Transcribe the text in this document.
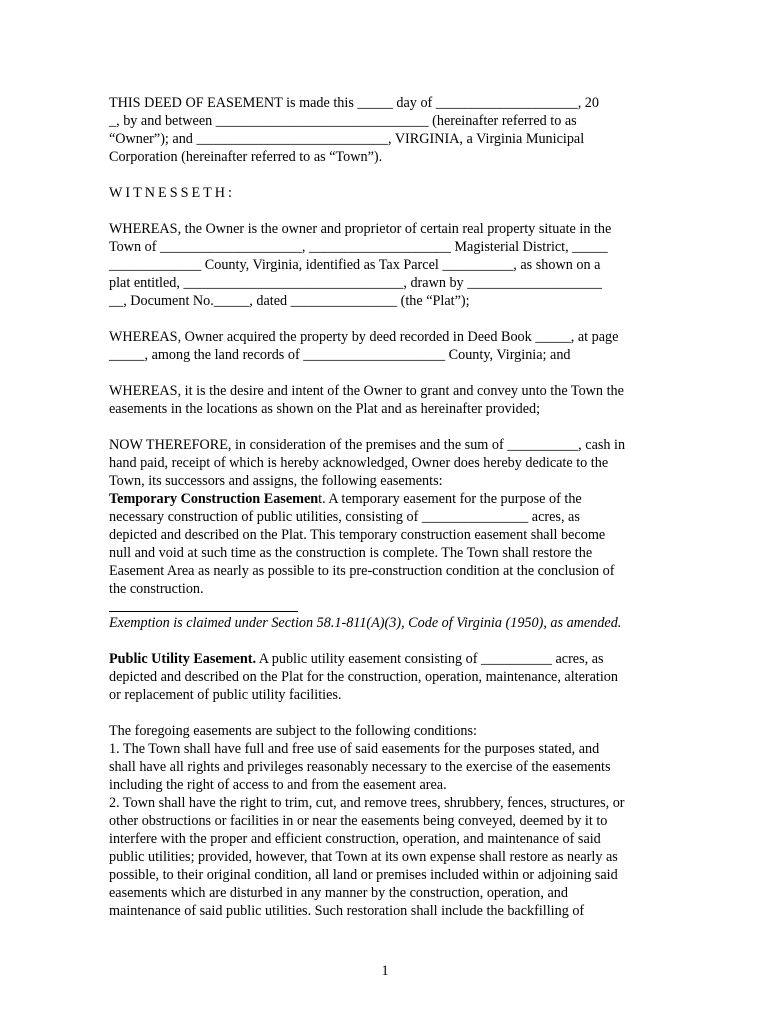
THIS DEED OF EASEMENT is made this _____ day of ____________________, 20
_, by and between ______________________________ (hereinafter referred to as
“Owner”); and ___________________________, VIRGINIA, a Virginia Municipal
Corporation (hereinafter referred to as “Town”).
WITNESSETH:
WHEREAS, the Owner is the owner and proprietor of certain real property situate in the
Town of ____________________, ____________________ Magisterial District, _____
_____________ County, Virginia, identified as Tax Parcel __________, as shown on a
plat entitled, _______________________________, drawn by ___________________
__, Document No._____, dated _______________ (the “Plat”);
WHEREAS, Owner acquired the property by deed recorded in Deed Book _____, at page
_____, among the land records of ____________________ County, Virginia; and
WHEREAS, it is the desire and intent of the Owner to grant and convey unto the Town the
easements in the locations as shown on the Plat and as hereinafter provided;
NOW THEREFORE, in consideration of the premises and the sum of __________, cash in
hand paid, receipt of which is hereby acknowledged, Owner does hereby dedicate to the
Town, its successors and assigns, the following easements:
Temporary Construction Easement. A temporary easement for the purpose of the
necessary construction of public utilities, consisting of _______________ acres, as
depicted and described on the Plat. This temporary construction easement shall become
null and void at such time as the construction is complete. The Town shall restore the
Easement Area as nearly as possible to its pre-construction condition at the conclusion of
the construction.
Exemption is claimed under Section 58.1-811(A)(3), Code of Virginia (1950), as amended.
Public Utility Easement. A public utility easement consisting of __________ acres, as
depicted and described on the Plat for the construction, operation, maintenance, alteration
or replacement of public utility facilities.
The foregoing easements are subject to the following conditions:
1. The Town shall have full and free use of said easements for the purposes stated, and
shall have all rights and privileges reasonably necessary to the exercise of the easements
including the right of access to and from the easement area.
2. Town shall have the right to trim, cut, and remove trees, shrubbery, fences, structures, or
other obstructions or facilities in or near the easements being conveyed, deemed by it to
interfere with the proper and efficient construction, operation, and maintenance of said
public utilities; provided, however, that Town at its own expense shall restore as nearly as
possible, to their original condition, all land or premises included within or adjoining said
easements which are disturbed in any manner by the construction, operation, and
maintenance of said public utilities. Such restoration shall include the backfilling of
1
